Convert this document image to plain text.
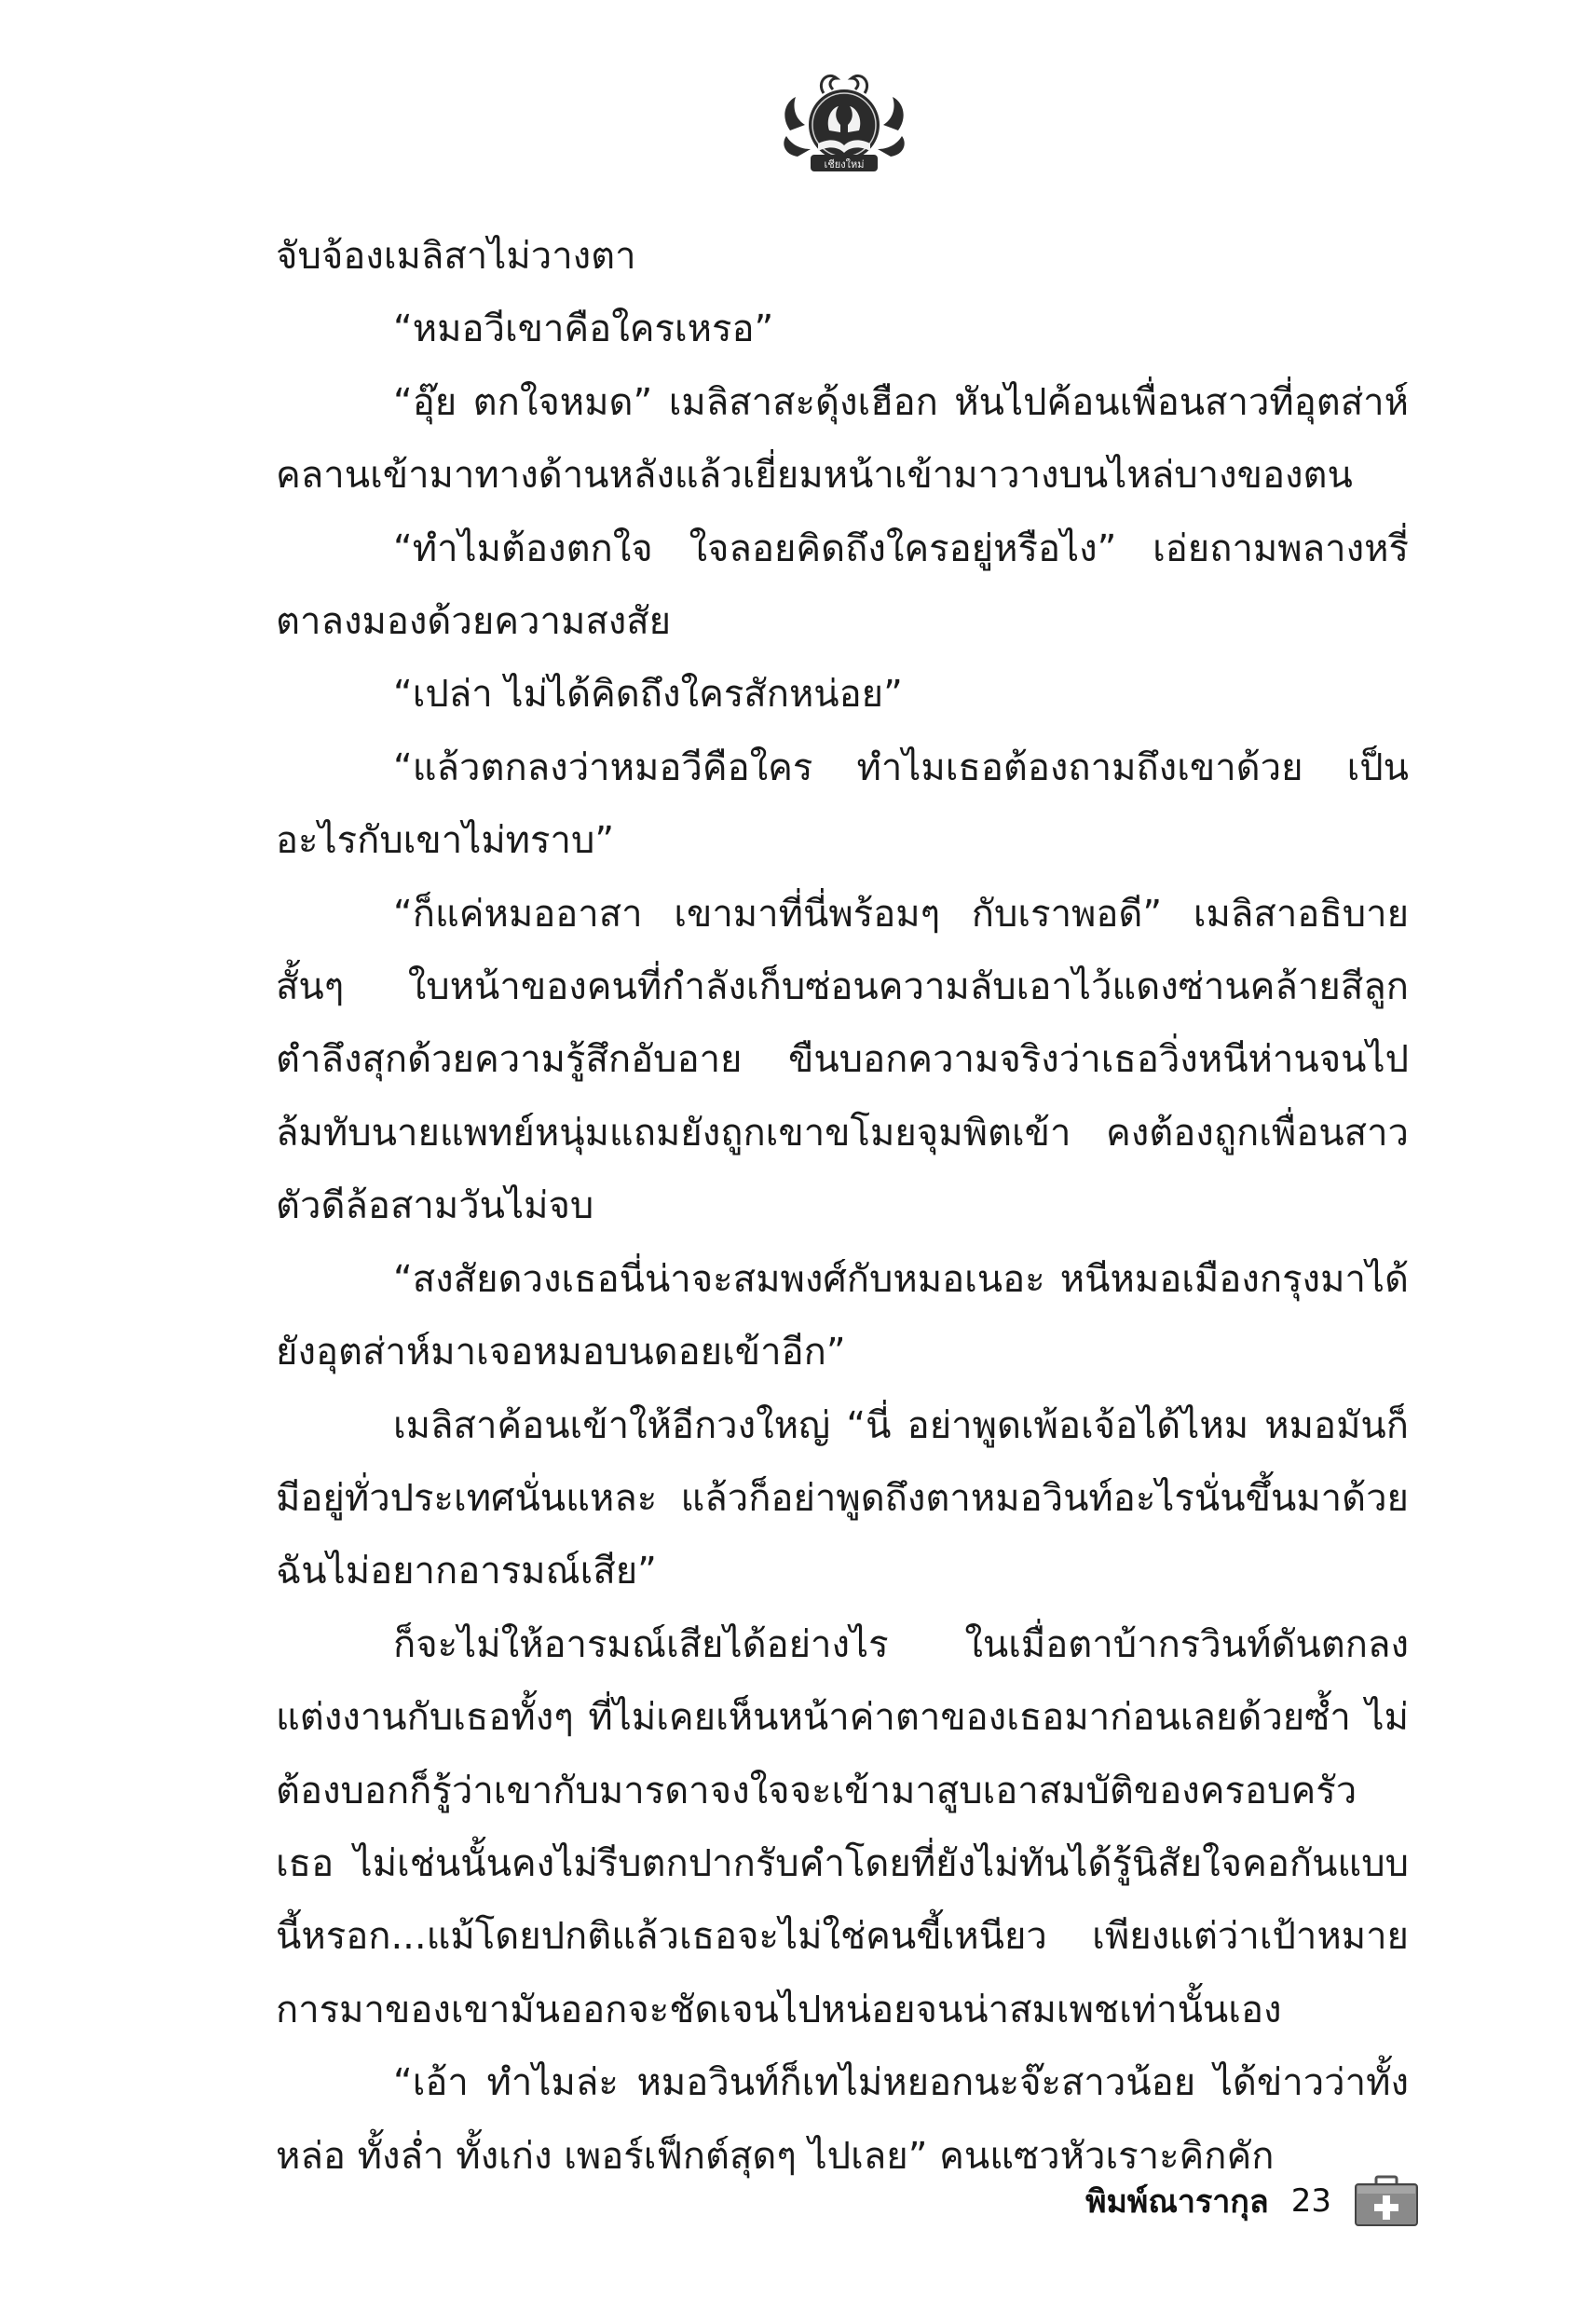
เชียงใหม่

จับจ้องเมลิสาไม่วางตา

“หมอวีเขาคือใครเหรอ”

“อุ๊ย ตกใจหมด” เมลิสาสะดุ้งเฮือก หันไปค้อนเพื่อนสาวที่อุตส่าห์คลานเข้ามาทางด้านหลังแล้วเยี่ยมหน้าเข้ามาวางบนไหล่บางของตน

“ทำไมต้องตกใจ ใจลอยคิดถึงใครอยู่หรือไง” เอ่ยถามพลางหรี่ตาลงมองด้วยความสงสัย

“เปล่า ไม่ได้คิดถึงใครสักหน่อย”

“แล้วตกลงว่าหมอวีคือใคร ทำไมเธอต้องถามถึงเขาด้วย เป็นอะไรกับเขาไม่ทราบ”

“ก็แค่หมออาสา เขามาที่นี่พร้อมๆ กับเราพอดี” เมลิสาอธิบายสั้นๆ ใบหน้าของคนที่กำลังเก็บซ่อนความลับเอาไว้แดงซ่านคล้ายสีลูกตำลึงสุกด้วยความรู้สึกอับอาย ขืนบอกความจริงว่าเธอวิ่งหนีห่านจนไปล้มทับนายแพทย์หนุ่มแถมยังถูกเขาขโมยจุมพิตเข้า คงต้องถูกเพื่อนสาวตัวดีล้อสามวันไม่จบ

“สงสัยดวงเธอนี่น่าจะสมพงศ์กับหมอเนอะ หนีหมอเมืองกรุงมาได้ ยังอุตส่าห์มาเจอหมอบนดอยเข้าอีก”

เมลิสาค้อนเข้าให้อีกวงใหญ่ “นี่ อย่าพูดเพ้อเจ้อได้ไหม หมอมันก็มีอยู่ทั่วประเทศนั่นแหละ แล้วก็อย่าพูดถึงตาหมอวินท์อะไรนั่นขึ้นมาด้วย ฉันไม่อยากอารมณ์เสีย”

ก็จะไม่ให้อารมณ์เสียได้อย่างไร ในเมื่อตาบ้ากรวินท์ดันตกลงแต่งงานกับเธอทั้งๆ ที่ไม่เคยเห็นหน้าค่าตาของเธอมาก่อนเลยด้วยซ้ำ ไม่ต้องบอกก็รู้ว่าเขากับมารดาจงใจจะเข้ามาสูบเอาสมบัติของครอบครัวเธอ ไม่เช่นนั้นคงไม่รีบตกปากรับคำโดยที่ยังไม่ทันได้รู้นิสัยใจคอกันแบบนี้หรอก...แม้โดยปกติแล้วเธอจะไม่ใช่คนขี้เหนียว เพียงแต่ว่าเป้าหมายการมาของเขามันออกจะชัดเจนไปหน่อยจนน่าสมเพชเท่านั้นเอง

“เอ้า ทำไมล่ะ หมอวินท์ก็เทไม่หยอกนะจ๊ะสาวน้อย ได้ข่าวว่าทั้งหล่อ ทั้งล่ำ ทั้งเก่ง เพอร์เฟ็กต์สุดๆ ไปเลย” คนแซวหัวเราะคิกคัก

พิมพ์ณารากุล 23
